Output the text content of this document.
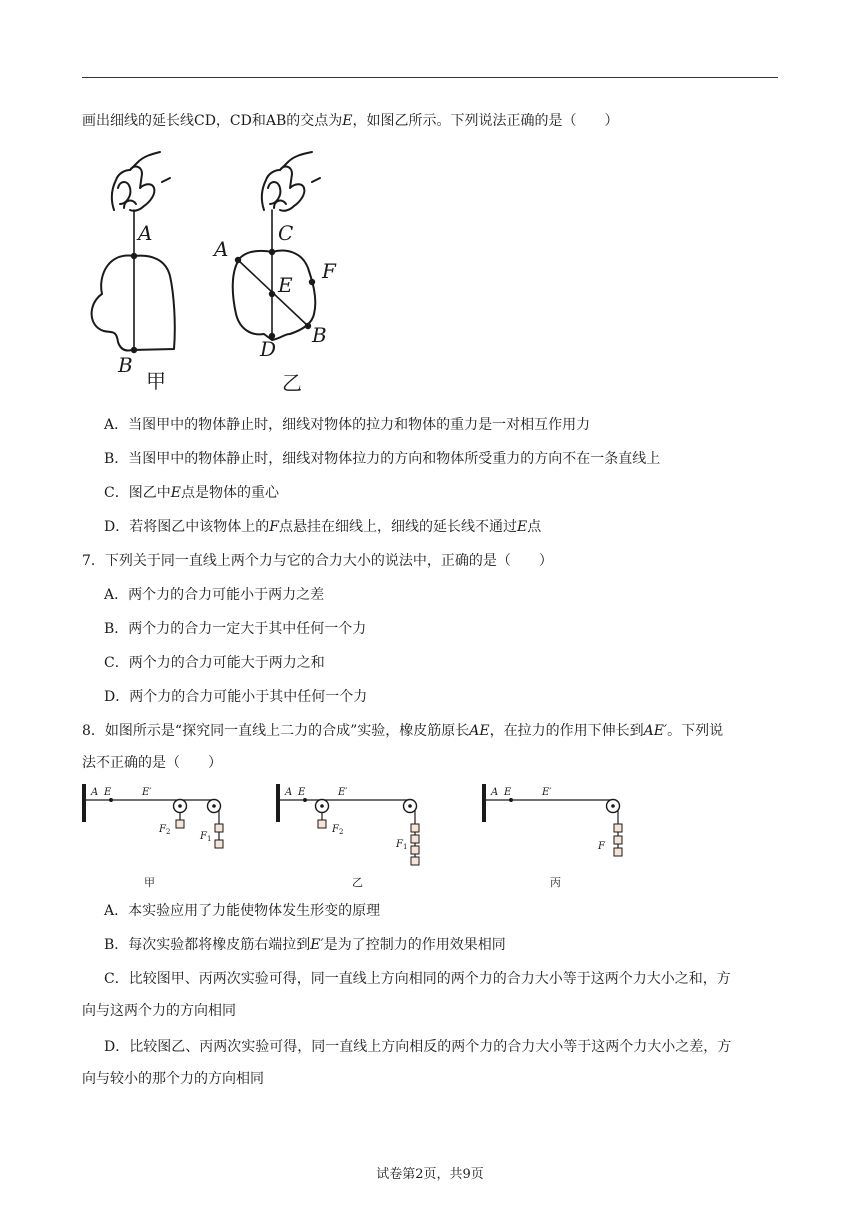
画出细线的延长线CD，CD和AB的交点为E，如图乙所示。下列说法正确的是（　　）
A
B
C
A
E
F
B
D
甲	乙
A．当图甲中的物体静止时，细线对物体的拉力和物体的重力是一对相互作用力
B．当图甲中的物体静止时，细线对物体拉力的方向和物体所受重力的方向不在一条直线上
C．图乙中E点是物体的重心
D．若将图乙中该物体上的F点悬挂在细线上，细线的延长线不通过E点
7．下列关于同一直线上两个力与它的合力大小的说法中，正确的是（　　）
A．两个力的合力可能小于两力之差
B．两个力的合力一定大于其中任何一个力
C．两个力的合力可能大于两力之和
D．两个力的合力可能小于其中任何一个力
8．如图所示是“探究同一直线上二力的合成”实验，橡皮筋原长AE，在拉力的作用下伸长到AE′。下列说
法不正确的是（　　）
A E	E′
$F_2$	$F_1$
A E	E′
$F_2$
$F_1$
A E	E′
F
甲	乙	丙
A．本实验应用了力能使物体发生形变的原理
B．每次实验都将橡皮筋右端拉到E′是为了控制力的作用效果相同
C．比较图甲、丙两次实验可得，同一直线上方向相同的两个力的合力大小等于这两个力大小之和，方
向与这两个力的方向相同
D．比较图乙、丙两次实验可得，同一直线上方向相反的两个力的合力大小等于这两个力大小之差，方
向与较小的那个力的方向相同
试卷第2页，共9页
